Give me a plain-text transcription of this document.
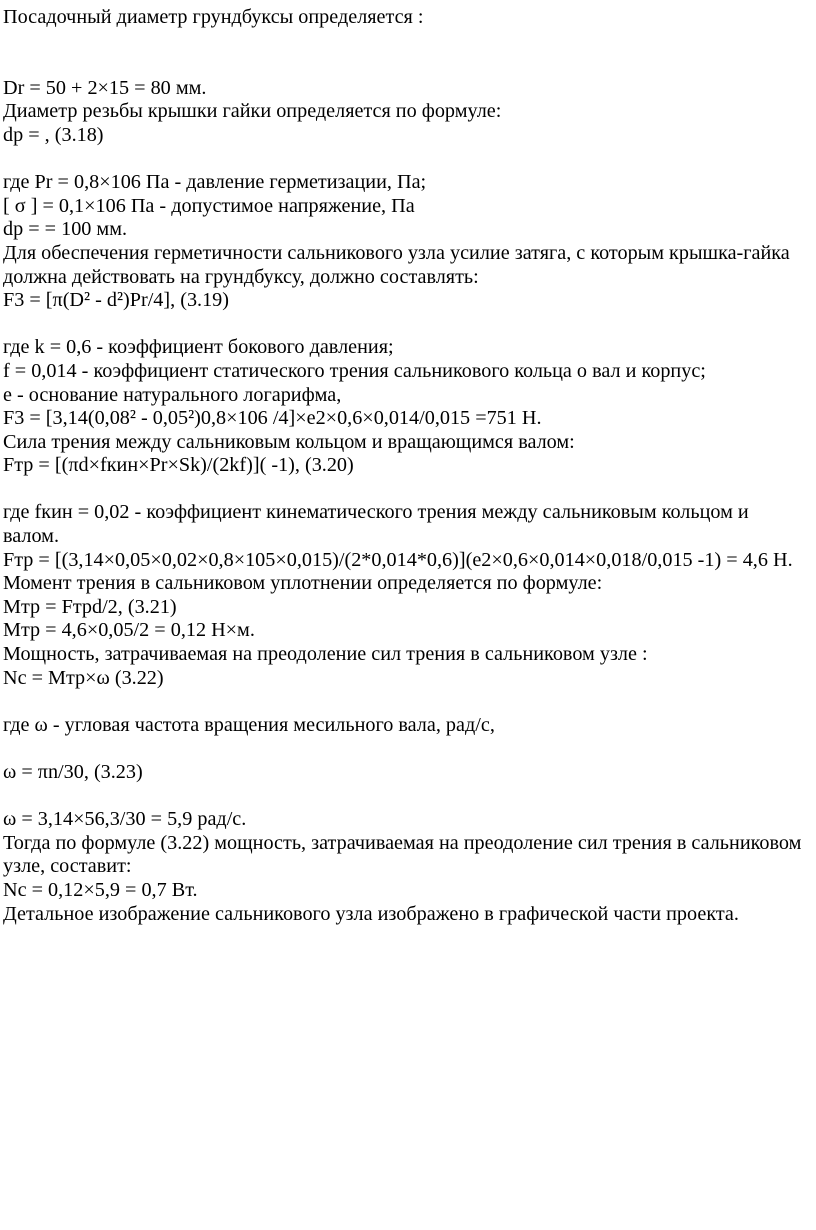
Посадочный диаметр грундбуксы определяется :

Dr = 50 + 2×15 = 80 мм.

Диаметр резьбы крышки гайки определяется по формуле:

dp = , (3.18)

где Pr = 0,8×106 Па - давление герметизации, Па;

[ σ ] = 0,1×106 Па - допустимое напряжение, Па

dp = = 100 мм.

Для обеспечения герметичности сальникового узла усилие затяга, с которым крышка-гайка должна действовать на грундбуксу, должно составлять:

F3 = [π(D² - d²)Pr/4], (3.19)

где k = 0,6 - коэффициент бокового давления;

f = 0,014 - коэффициент статического трения сальникового кольца о вал и корпус;

e - основание натурального логарифма,

F3 = [3,14(0,08² - 0,05²)0,8×106 /4]×e2×0,6×0,014/0,015 =751 Н.

Сила трения между сальниковым кольцом и вращающимся валом:

Fтр = [(πd×fкин×Pr×Sk)/(2kf)]( -1), (3.20)

где fкин = 0,02 - коэффициент кинематического трения между сальниковым кольцом и валом.

Fтр = [(3,14×0,05×0,02×0,8×105×0,015)/(2*0,014*0,6)](e2×0,6×0,014×0,018/0,015 -1) = 4,6 Н.

Момент трения в сальниковом уплотнении определяется по формуле:

Мтр = Fтрd/2, (3.21)

Мтр = 4,6×0,05/2 = 0,12 Н×м.

Мощность, затрачиваемая на преодоление сил трения в сальниковом узле :

Nc = Mтр×ω (3.22)

где ω - угловая частота вращения месильного вала, рад/с,

ω = πn/30, (3.23)

ω = 3,14×56,3/30 = 5,9 рад/с.

Тогда по формуле (3.22) мощность, затрачиваемая на преодоление сил трения в сальниковом узле, составит:

Nc = 0,12×5,9 = 0,7 Вт.

Детальное изображение сальникового узла изображено в графической части проекта.
